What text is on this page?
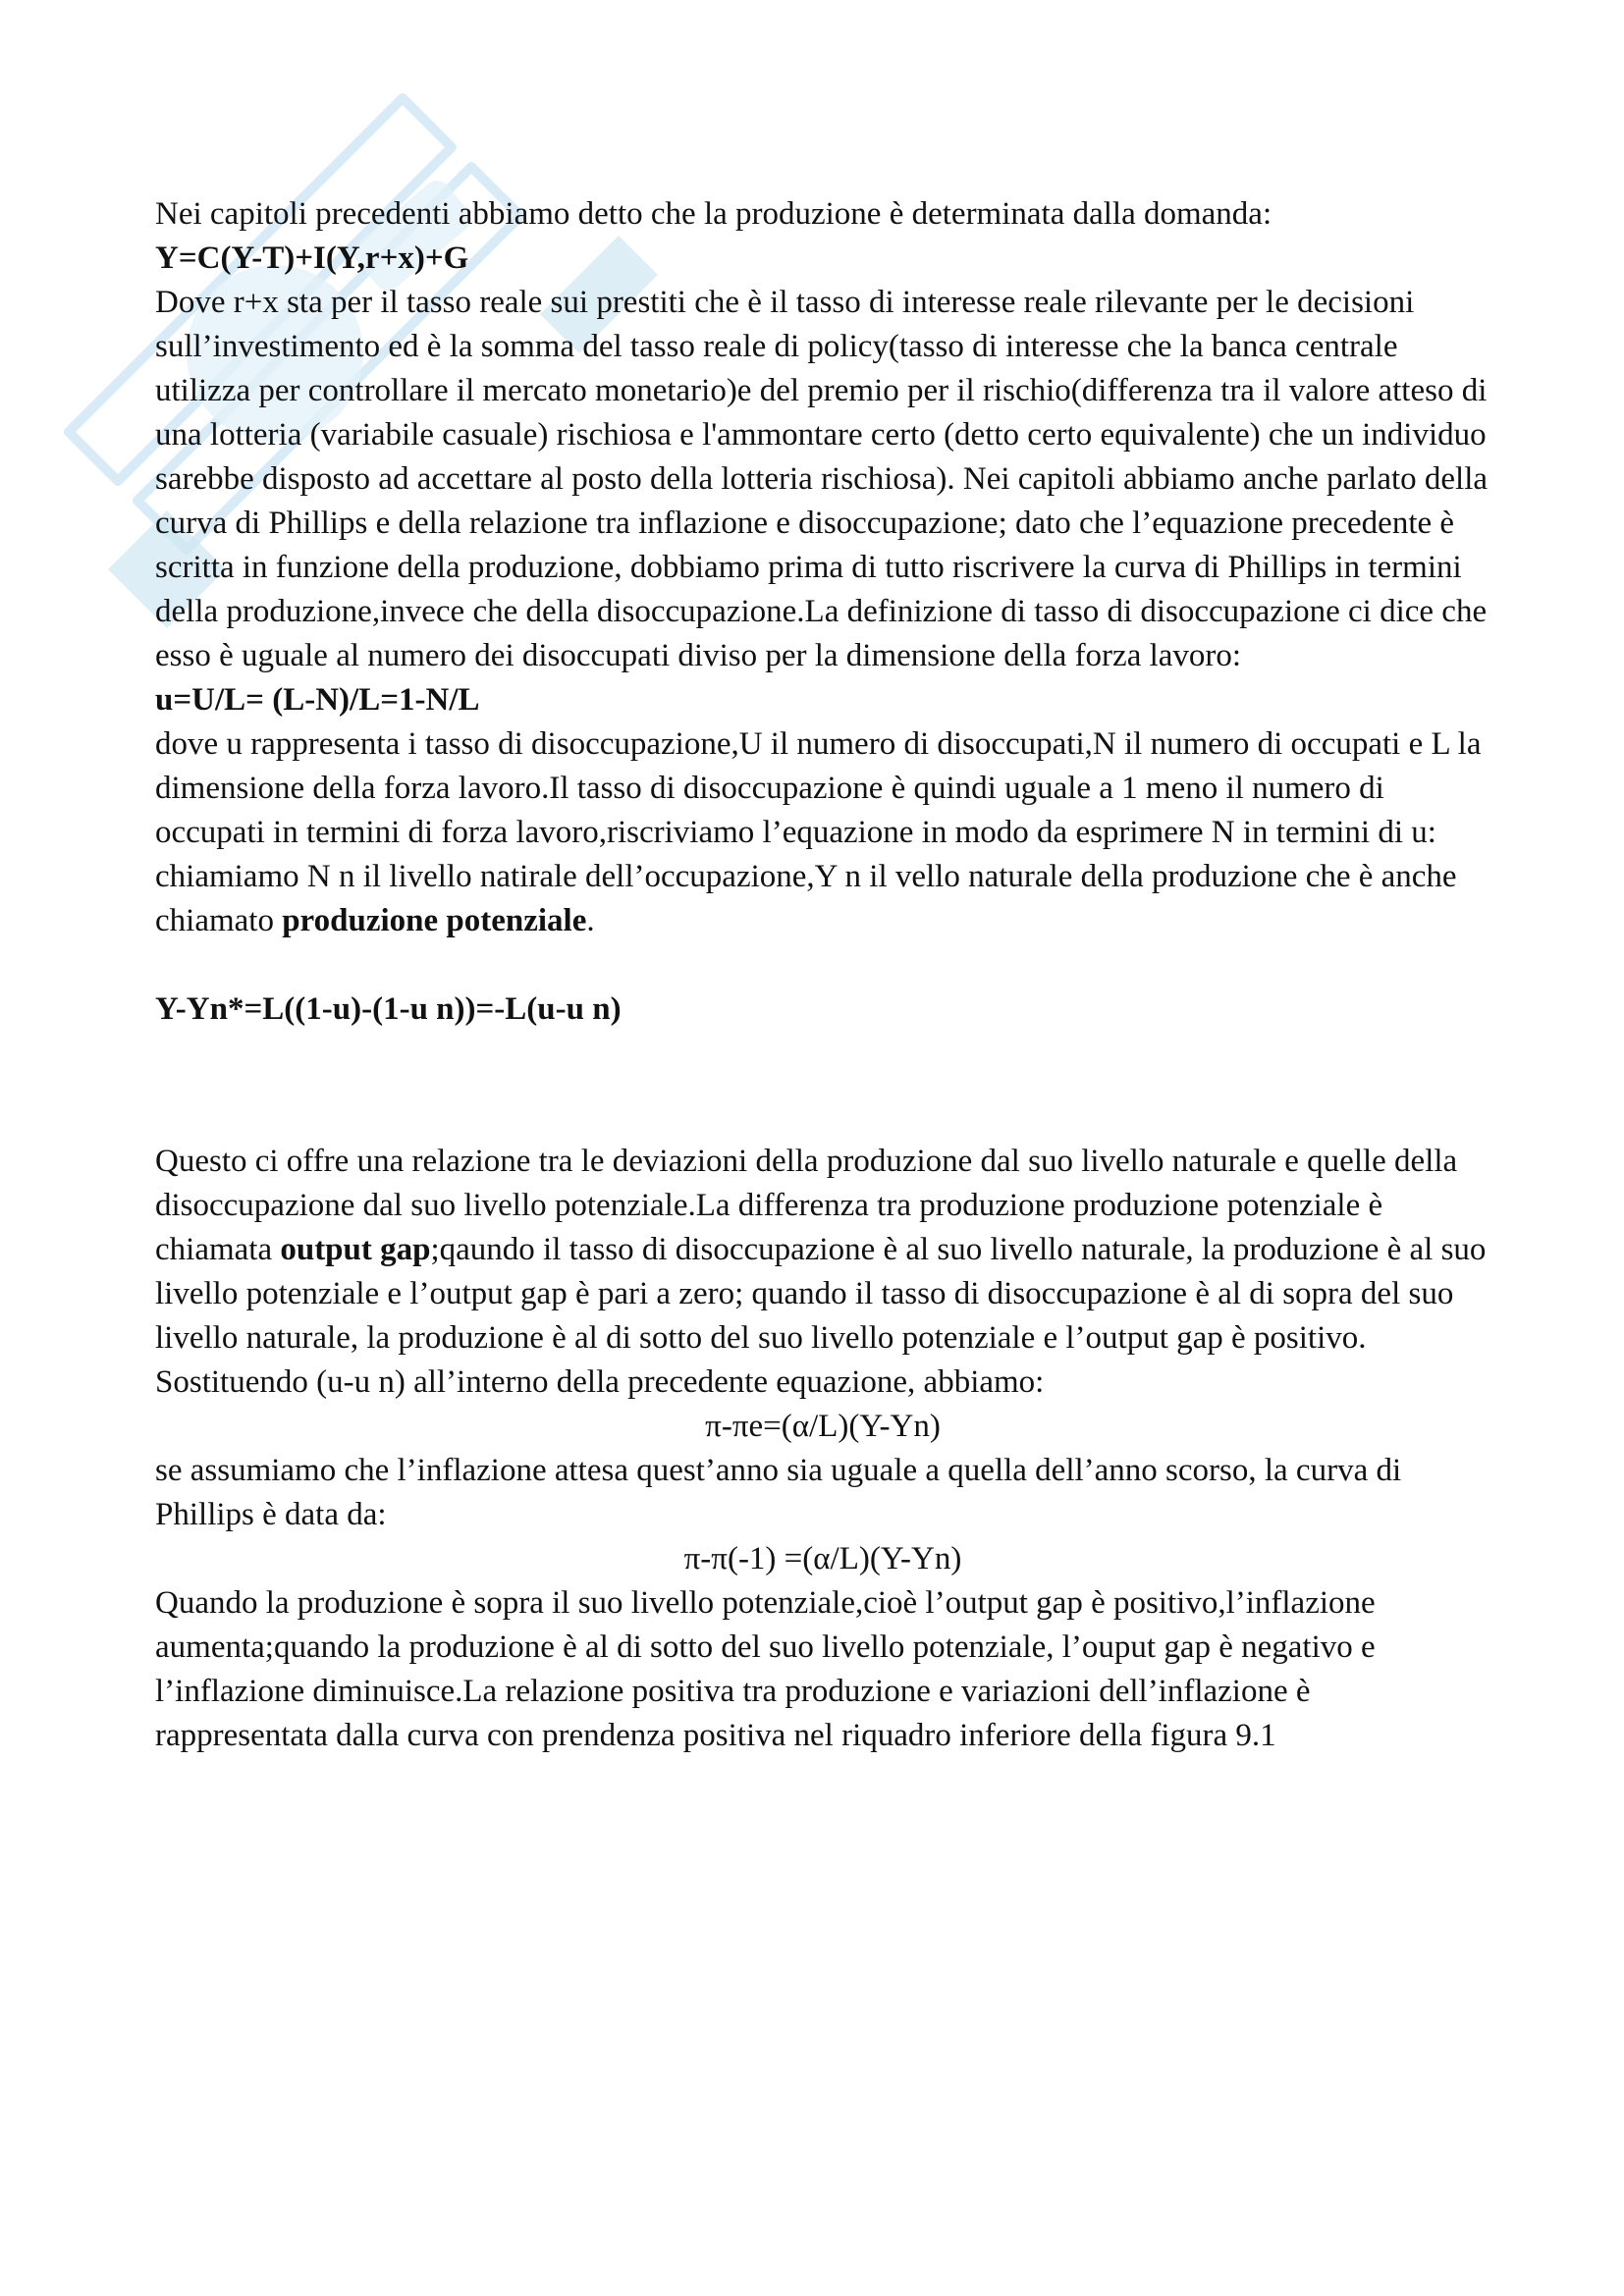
Nei capitoli precedenti abbiamo detto che la produzione è determinata dalla domanda:

Y=C(Y-T)+I(Y,r+x)+G

Dove r+x sta per il tasso reale sui prestiti che è il tasso di interesse reale rilevante per le decisioni sull’investimento ed è la somma del tasso reale di policy(tasso di interesse che la banca centrale utilizza per controllare il mercato monetario)e del premio per il rischio(differenza tra il valore atteso di una lotteria (variabile casuale) rischiosa e l'ammontare certo (detto certo equivalente) che un individuo sarebbe disposto ad accettare al posto della lotteria rischiosa). Nei capitoli abbiamo anche parlato della curva di Phillips e della relazione tra inflazione e disoccupazione; dato che l’equazione precedente è scritta in funzione della produzione, dobbiamo prima di tutto riscrivere la curva di Phillips in termini della produzione,invece che della disoccupazione.La definizione di tasso di disoccupazione ci dice che esso è uguale al numero dei disoccupati diviso per la dimensione della forza lavoro:

u=U/L= (L-N)/L=1-N/L

dove u rappresenta i tasso di disoccupazione,U il numero di disoccupati,N il numero di occupati e L la dimensione della forza lavoro.Il tasso di disoccupazione è quindi uguale a 1 meno il numero di occupati in termini di forza lavoro,riscriviamo l’equazione in modo da esprimere N in termini di u: chiamiamo N n il livello natirale dell’occupazione,Y n il vello naturale della produzione che è anche chiamato produzione potenziale.

Y-Yn*=L((1-u)-(1-u n))=-L(u-u n)

Questo ci offre una relazione tra le deviazioni della produzione dal suo livello naturale e quelle della disoccupazione dal suo livello potenziale.La differenza tra produzione produzione potenziale è chiamata output gap;qaundo il tasso di disoccupazione è al suo livello naturale, la produzione è al suo livello potenziale e l’output gap è pari a zero; quando il tasso di disoccupazione è al di sopra del suo livello naturale, la produzione è al di sotto del suo livello potenziale e l’output gap è positivo. Sostituendo (u-u n) all’interno della precedente equazione, abbiamo:

π-πe=(α/L)(Y-Yn)

se assumiamo che l’inflazione attesa quest’anno sia uguale a quella dell’anno scorso, la curva di Phillips è data da:

π-π(-1) =(α/L)(Y-Yn)

Quando la produzione è sopra il suo livello potenziale,cioè l’output gap è positivo,l’inflazione aumenta;quando la produzione è al di sotto del suo livello potenziale, l’ouput gap è negativo e l’inflazione diminuisce.La relazione positiva tra produzione e variazioni dell’inflazione è rappresentata dalla curva con prendenza positiva nel riquadro inferiore della figura 9.1
